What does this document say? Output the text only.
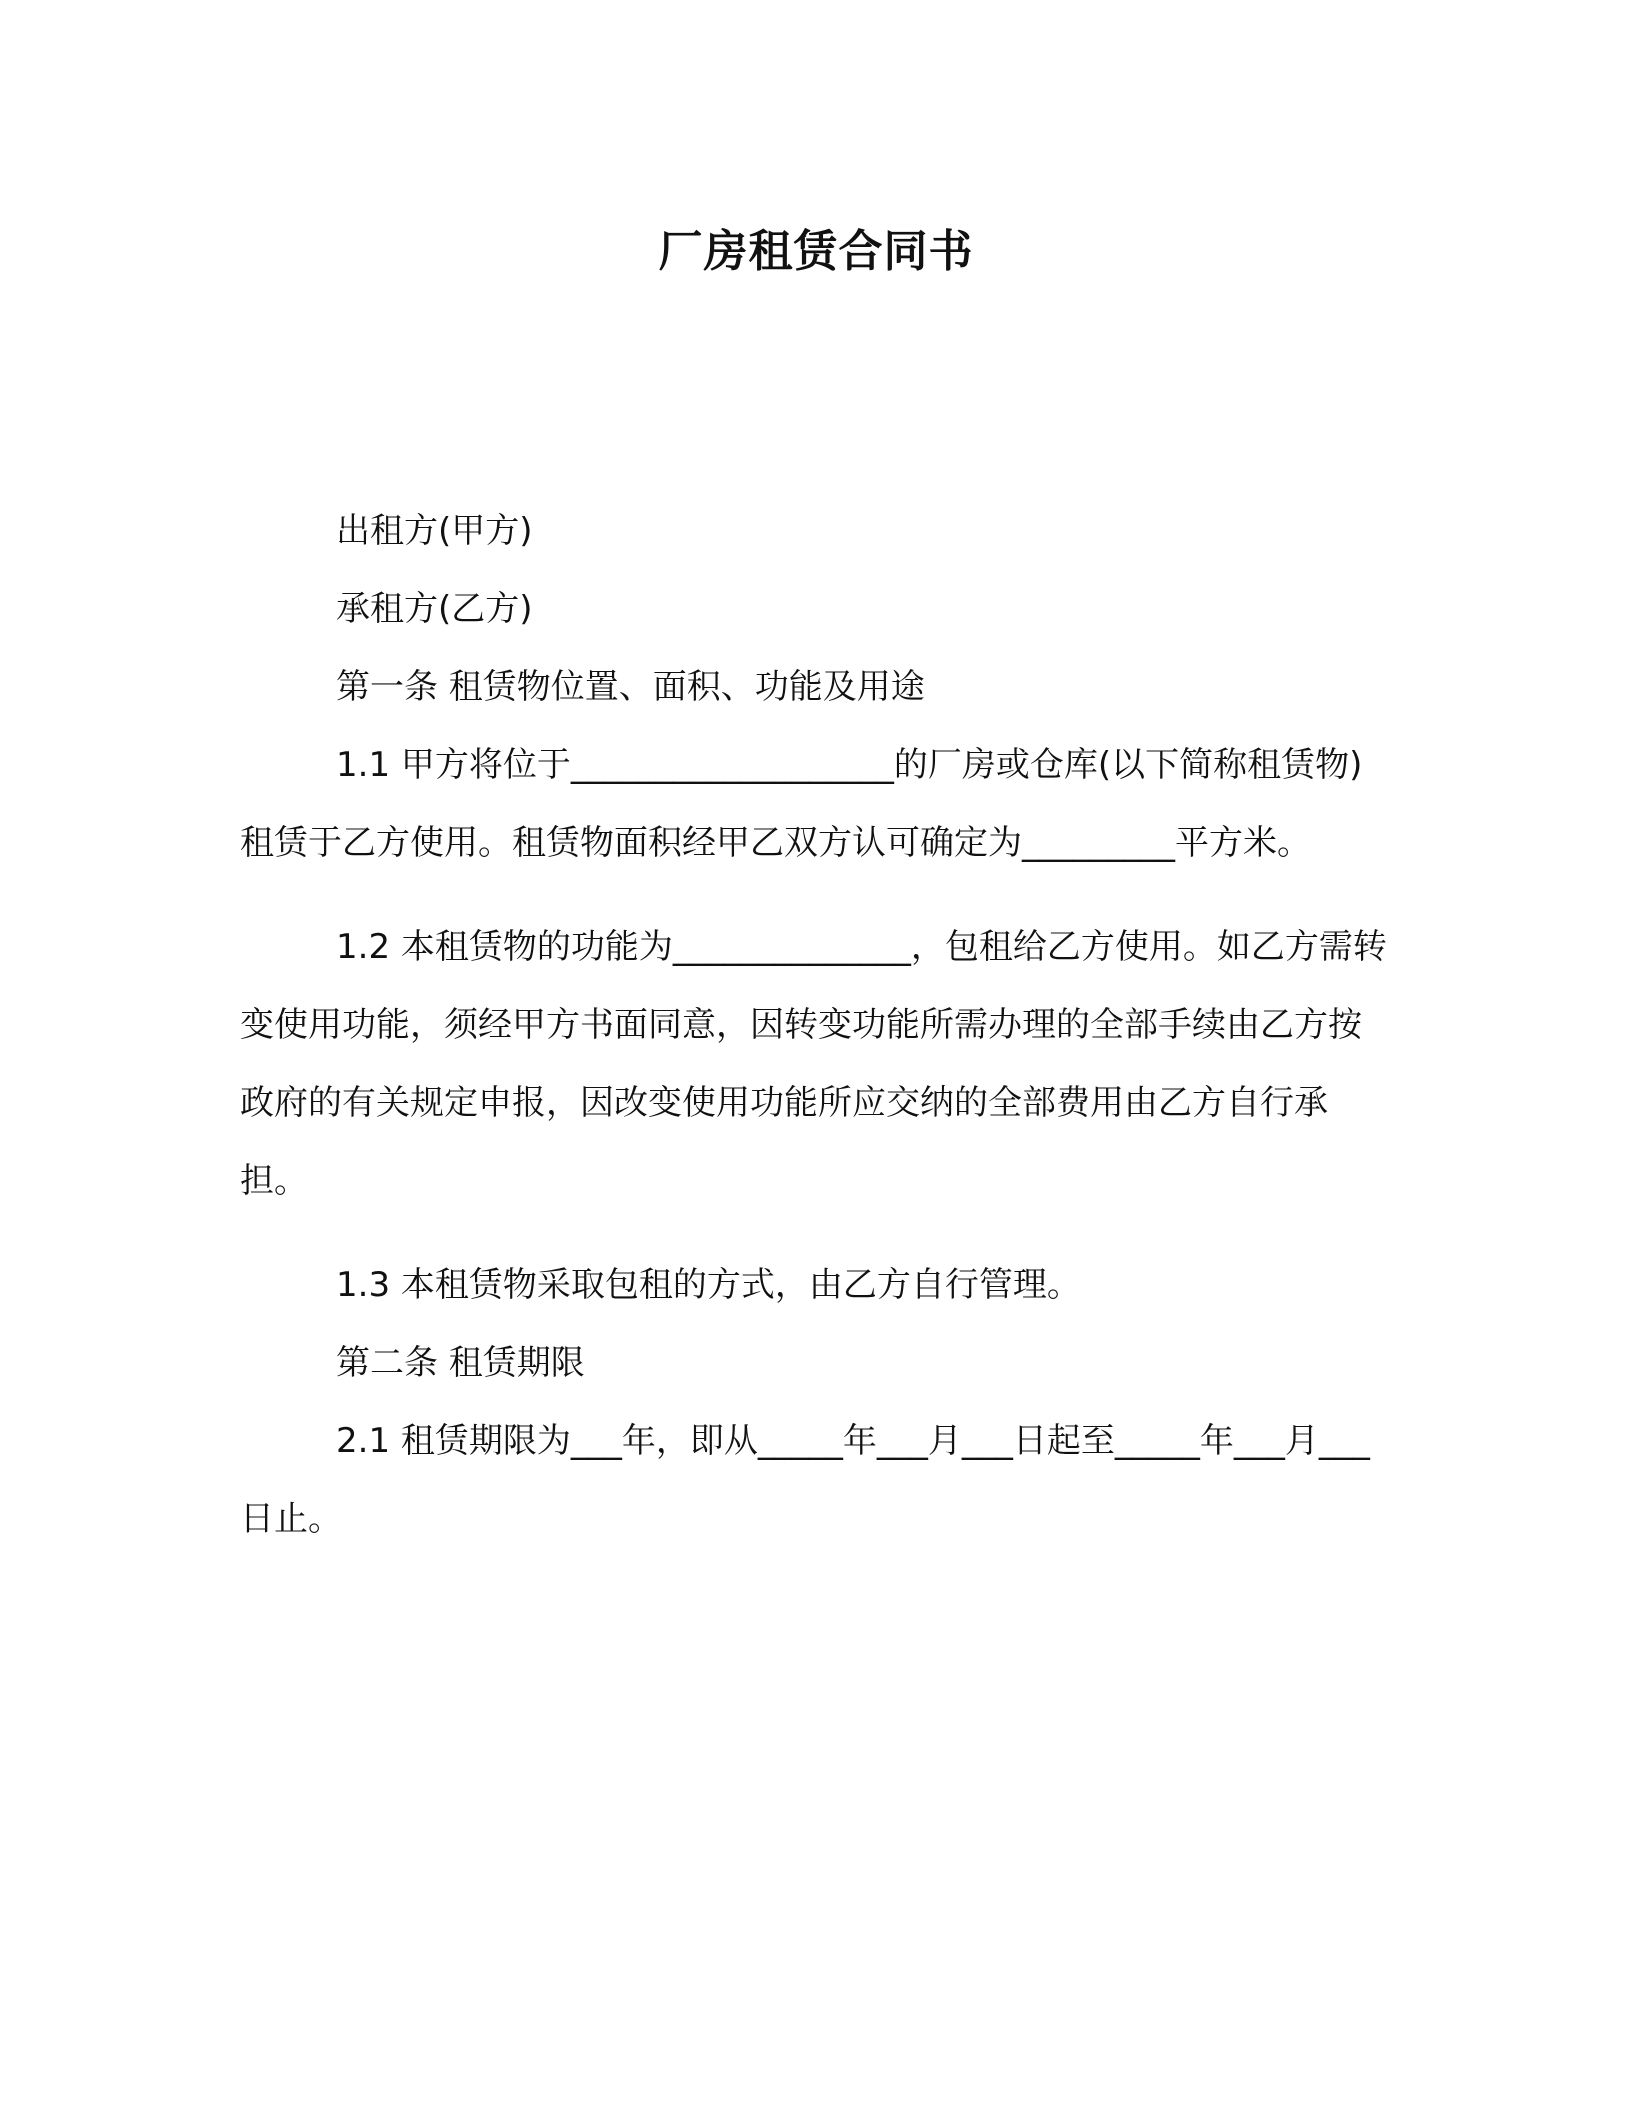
厂房租赁合同书

出租方(甲方)

承租方(乙方)

第一条 租赁物位置、面积、功能及用途

1.1 甲方将位于___________________的厂房或仓库(以下简称租赁物)租赁于乙方使用。租赁物面积经甲乙双方认可确定为_________平方米。

1.2 本租赁物的功能为______________，包租给乙方使用。如乙方需转变使用功能，须经甲方书面同意，因转变功能所需办理的全部手续由乙方按政府的有关规定申报，因改变使用功能所应交纳的全部费用由乙方自行承担。

1.3 本租赁物采取包租的方式，由乙方自行管理。

第二条 租赁期限

2.1 租赁期限为___年，即从_____年___月___日起至_____年___月___日止。
